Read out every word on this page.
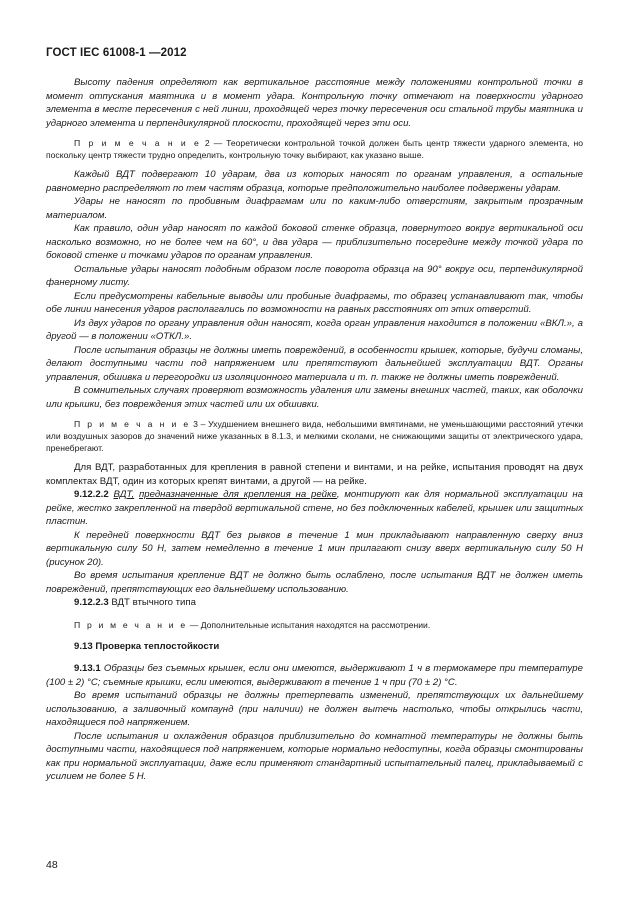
ГОСТ IEC 61008-1 —2012

Высоту падения определяют как вертикальное расстояние между положениями контрольной точки в момент отпускания маятника и в момент удара. Контрольную точку отмечают на поверхности ударного элемента в месте пересечения с ней линии, проходящей через точку пересечения оси стальной трубы маятника и ударного элемента и перпендикулярной плоскости, проходящей через эти оси.

П р и м е ч а н и е 2 — Теоретически контрольной точкой должен быть центр тяжести ударного элемента, но поскольку центр тяжести трудно определить, контрольную точку выбирают, как указано выше.

Каждый ВДТ подвергают 10 ударам, два из которых наносят по органам управления, а остальные равномерно распределяют по тем частям образца, которые предположительно наиболее подвержены ударам.

Удары не наносят по пробивным диафрагмам или по каким-либо отверстиям, закрытым прозрачным материалом.

Как правило, один удар наносят по каждой боковой стенке образца, повернутого вокруг вертикальной оси насколько возможно, но не более чем на 60°, и два удара — приблизительно посередине между точкой удара по боковой стенке и точками ударов по органам управления.

Остальные удары наносят подобным образом после поворота образца на 90° вокруг оси, перпендикулярной фанерному листу.

Если предусмотрены кабельные выводы или пробиные диафрагмы, то образец устанавливают так, чтобы обе линии нанесения ударов располагались по возможности на равных расстояниях от этих отверстий.

Из двух ударов по органу управления один наносят, когда орган управления находится в положении «ВКЛ.», а другой — в положении «ОТКЛ.».

После испытания образцы не должны иметь повреждений, в особенности крышек, которые, будучи сломаны, делают доступными части под напряжением или препятствуют дальнейшей эксплуатации ВДТ. Органы управления, обшивка и перегородки из изоляционного материала и т. п. также не должны иметь повреждений.

В сомнительных случаях проверяют возможность удаления или замены внешних частей, таких, как оболочки или крышки, без повреждения этих частей или их обшивки.

П р и м е ч а н и е 3 – Ухудшением внешнего вида, небольшими вмятинами, не уменьшающими расстояний утечки или воздушных зазоров до значений ниже указанных в 8.1.3, и мелкими сколами, не снижающими защиты от электрического удара, пренебрегают.

Для ВДТ, разработанных для крепления в равной степени и винтами, и на рейке, испытания проводят на двух комплектах ВДТ, один из которых крепят винтами, а другой — на рейке.

9.12.2.2 ВДТ, предназначенные для крепления на рейке, монтируют как для нормальной эксплуатации на рейке, жестко закрепленной на твердой вертикальной стене, но без подключенных кабелей, крышек или защитных пластин.

К передней поверхности ВДТ без рывков в течение 1 мин прикладывают направленную сверху вниз вертикальную силу 50 Н, затем немедленно в течение 1 мин прилагают снизу вверх вертикальную силу 50 Н (рисунок 20).

Во время испытания крепление ВДТ не должно быть ослаблено, после испытания ВДТ не должен иметь повреждений, препятствующих его дальнейшему использованию.

9.12.2.3 ВДТ втычного типа

П р и м е ч а н и е — Дополнительные испытания находятся на рассмотрении.

9.13 Проверка теплостойкости

9.13.1 Образцы без съемных крышек, если они имеются, выдерживают 1 ч в термокамере при температуре (100 ± 2) °С; съемные крышки, если имеются, выдерживают в течение 1 ч при (70 ± 2) °С.

Во время испытаний образцы не должны претерпевать изменений, препятствующих их дальнейшему использованию, а заливочный компаунд (при наличии) не должен вытечь настолько, чтобы открылись части, находящиеся под напряжением.

После испытания и охлаждения образцов приблизительно до комнатной температуры не должны быть доступными части, находящиеся под напряжением, которые нормально недоступны, когда образцы смонтированы как при нормальной эксплуатации, даже если применяют стандартный испытательный палец, прикладываемый с усилием не более 5 Н.

48
